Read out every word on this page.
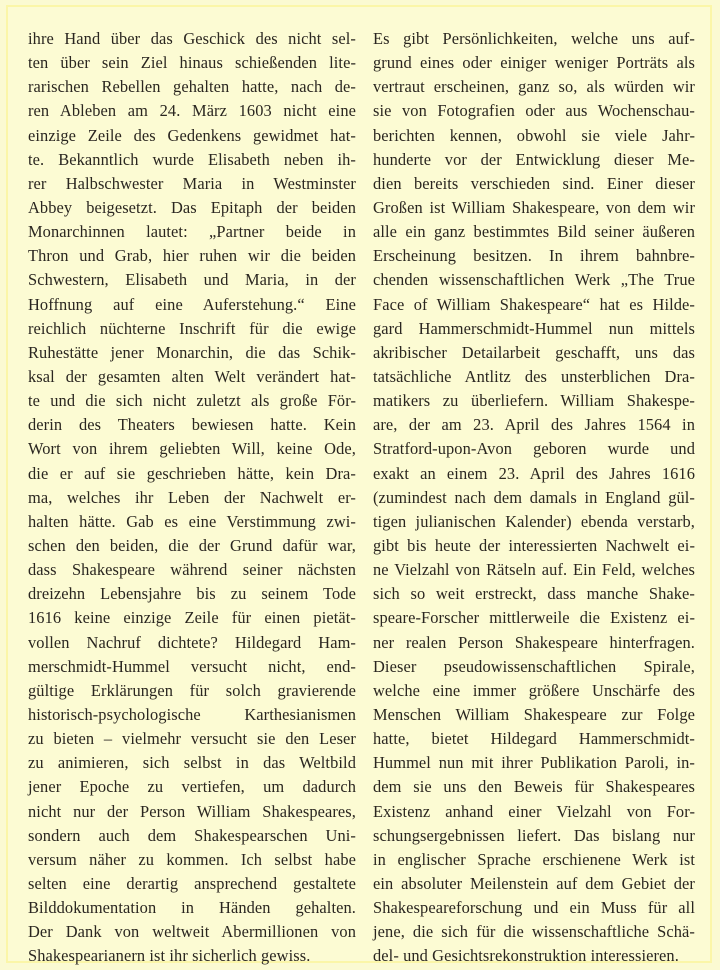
ihre Hand über das Geschick des nicht sel-
ten über sein Ziel hinaus schießenden lite-
rarischen Rebellen gehalten hatte, nach de-
ren Ableben am 24. März 1603 nicht eine
einzige Zeile des Gedenkens gewidmet hat-
te. Bekanntlich wurde Elisabeth neben ih-
rer Halbschwester Maria in Westminster
Abbey beigesetzt. Das Epitaph der beiden
Monarchinnen lautet: „Partner beide in
Thron und Grab, hier ruhen wir die beiden
Schwestern, Elisabeth und Maria, in der
Hoffnung auf eine Auferstehung.“ Eine
reichlich nüchterne Inschrift für die ewige
Ruhestätte jener Monarchin, die das Schik-
ksal der gesamten alten Welt verändert hat-
te und die sich nicht zuletzt als große För-
derin des Theaters bewiesen hatte. Kein
Wort von ihrem geliebten Will, keine Ode,
die er auf sie geschrieben hätte, kein Dra-
ma, welches ihr Leben der Nachwelt er-
halten hätte. Gab es eine Verstimmung zwi-
schen den beiden, die der Grund dafür war,
dass Shakespeare während seiner nächsten
dreizehn Lebensjahre bis zu seinem Tode
1616 keine einzige Zeile für einen pietät-
vollen Nachruf dichtete? Hildegard Ham-
merschmidt-Hummel versucht nicht, end-
gültige Erklärungen für solch gravierende
historisch-psychologische Karthesianismen
zu bieten – vielmehr versucht sie den Leser
zu animieren, sich selbst in das Weltbild
jener Epoche zu vertiefen, um dadurch
nicht nur der Person William Shakespeares,
sondern auch dem Shakespearschen Uni-
versum näher zu kommen. Ich selbst habe
selten eine derartig ansprechend gestaltete
Bilddokumentation in Händen gehalten.
Der Dank von weltweit Abermillionen von
Shakespearianern ist ihr sicherlich gewiss.
Es gibt Persönlichkeiten, welche uns auf-
grund eines oder einiger weniger Porträts als
vertraut erscheinen, ganz so, als würden wir
sie von Fotografien oder aus Wochenschau-
berichten kennen, obwohl sie viele Jahr-
hunderte vor der Entwicklung dieser Me-
dien bereits verschieden sind. Einer dieser
Großen ist William Shakespeare, von dem wir
alle ein ganz bestimmtes Bild seiner äußeren
Erscheinung besitzen. In ihrem bahnbre-
chenden wissenschaftlichen Werk „The True
Face of William Shakespeare“ hat es Hilde-
gard Hammerschmidt-Hummel nun mittels
akribischer Detailarbeit geschafft, uns das
tatsächliche Antlitz des unsterblichen Dra-
matikers zu überliefern. William Shakespe-
are, der am 23. April des Jahres 1564 in
Stratford-upon-Avon geboren wurde und
exakt an einem 23. April des Jahres 1616
(zumindest nach dem damals in England gül-
tigen julianischen Kalender) ebenda verstarb,
gibt bis heute der interessierten Nachwelt ei-
ne Vielzahl von Rätseln auf. Ein Feld, welches
sich so weit erstreckt, dass manche Shake-
speare-Forscher mittlerweile die Existenz ei-
ner realen Person Shakespeare hinterfragen.
Dieser pseudowissenschaftlichen Spirale,
welche eine immer größere Unschärfe des
Menschen William Shakespeare zur Folge
hatte, bietet Hildegard Hammerschmidt-
Hummel nun mit ihrer Publikation Paroli, in-
dem sie uns den Beweis für Shakespeares
Existenz anhand einer Vielzahl von For-
schungsergebnissen liefert. Das bislang nur
in englischer Sprache erschienene Werk ist
ein absoluter Meilenstein auf dem Gebiet der
Shakespeareforschung und ein Muss für all
jene, die sich für die wissenschaftliche Schä-
del- und Gesichtsrekonstruktion interessieren.
